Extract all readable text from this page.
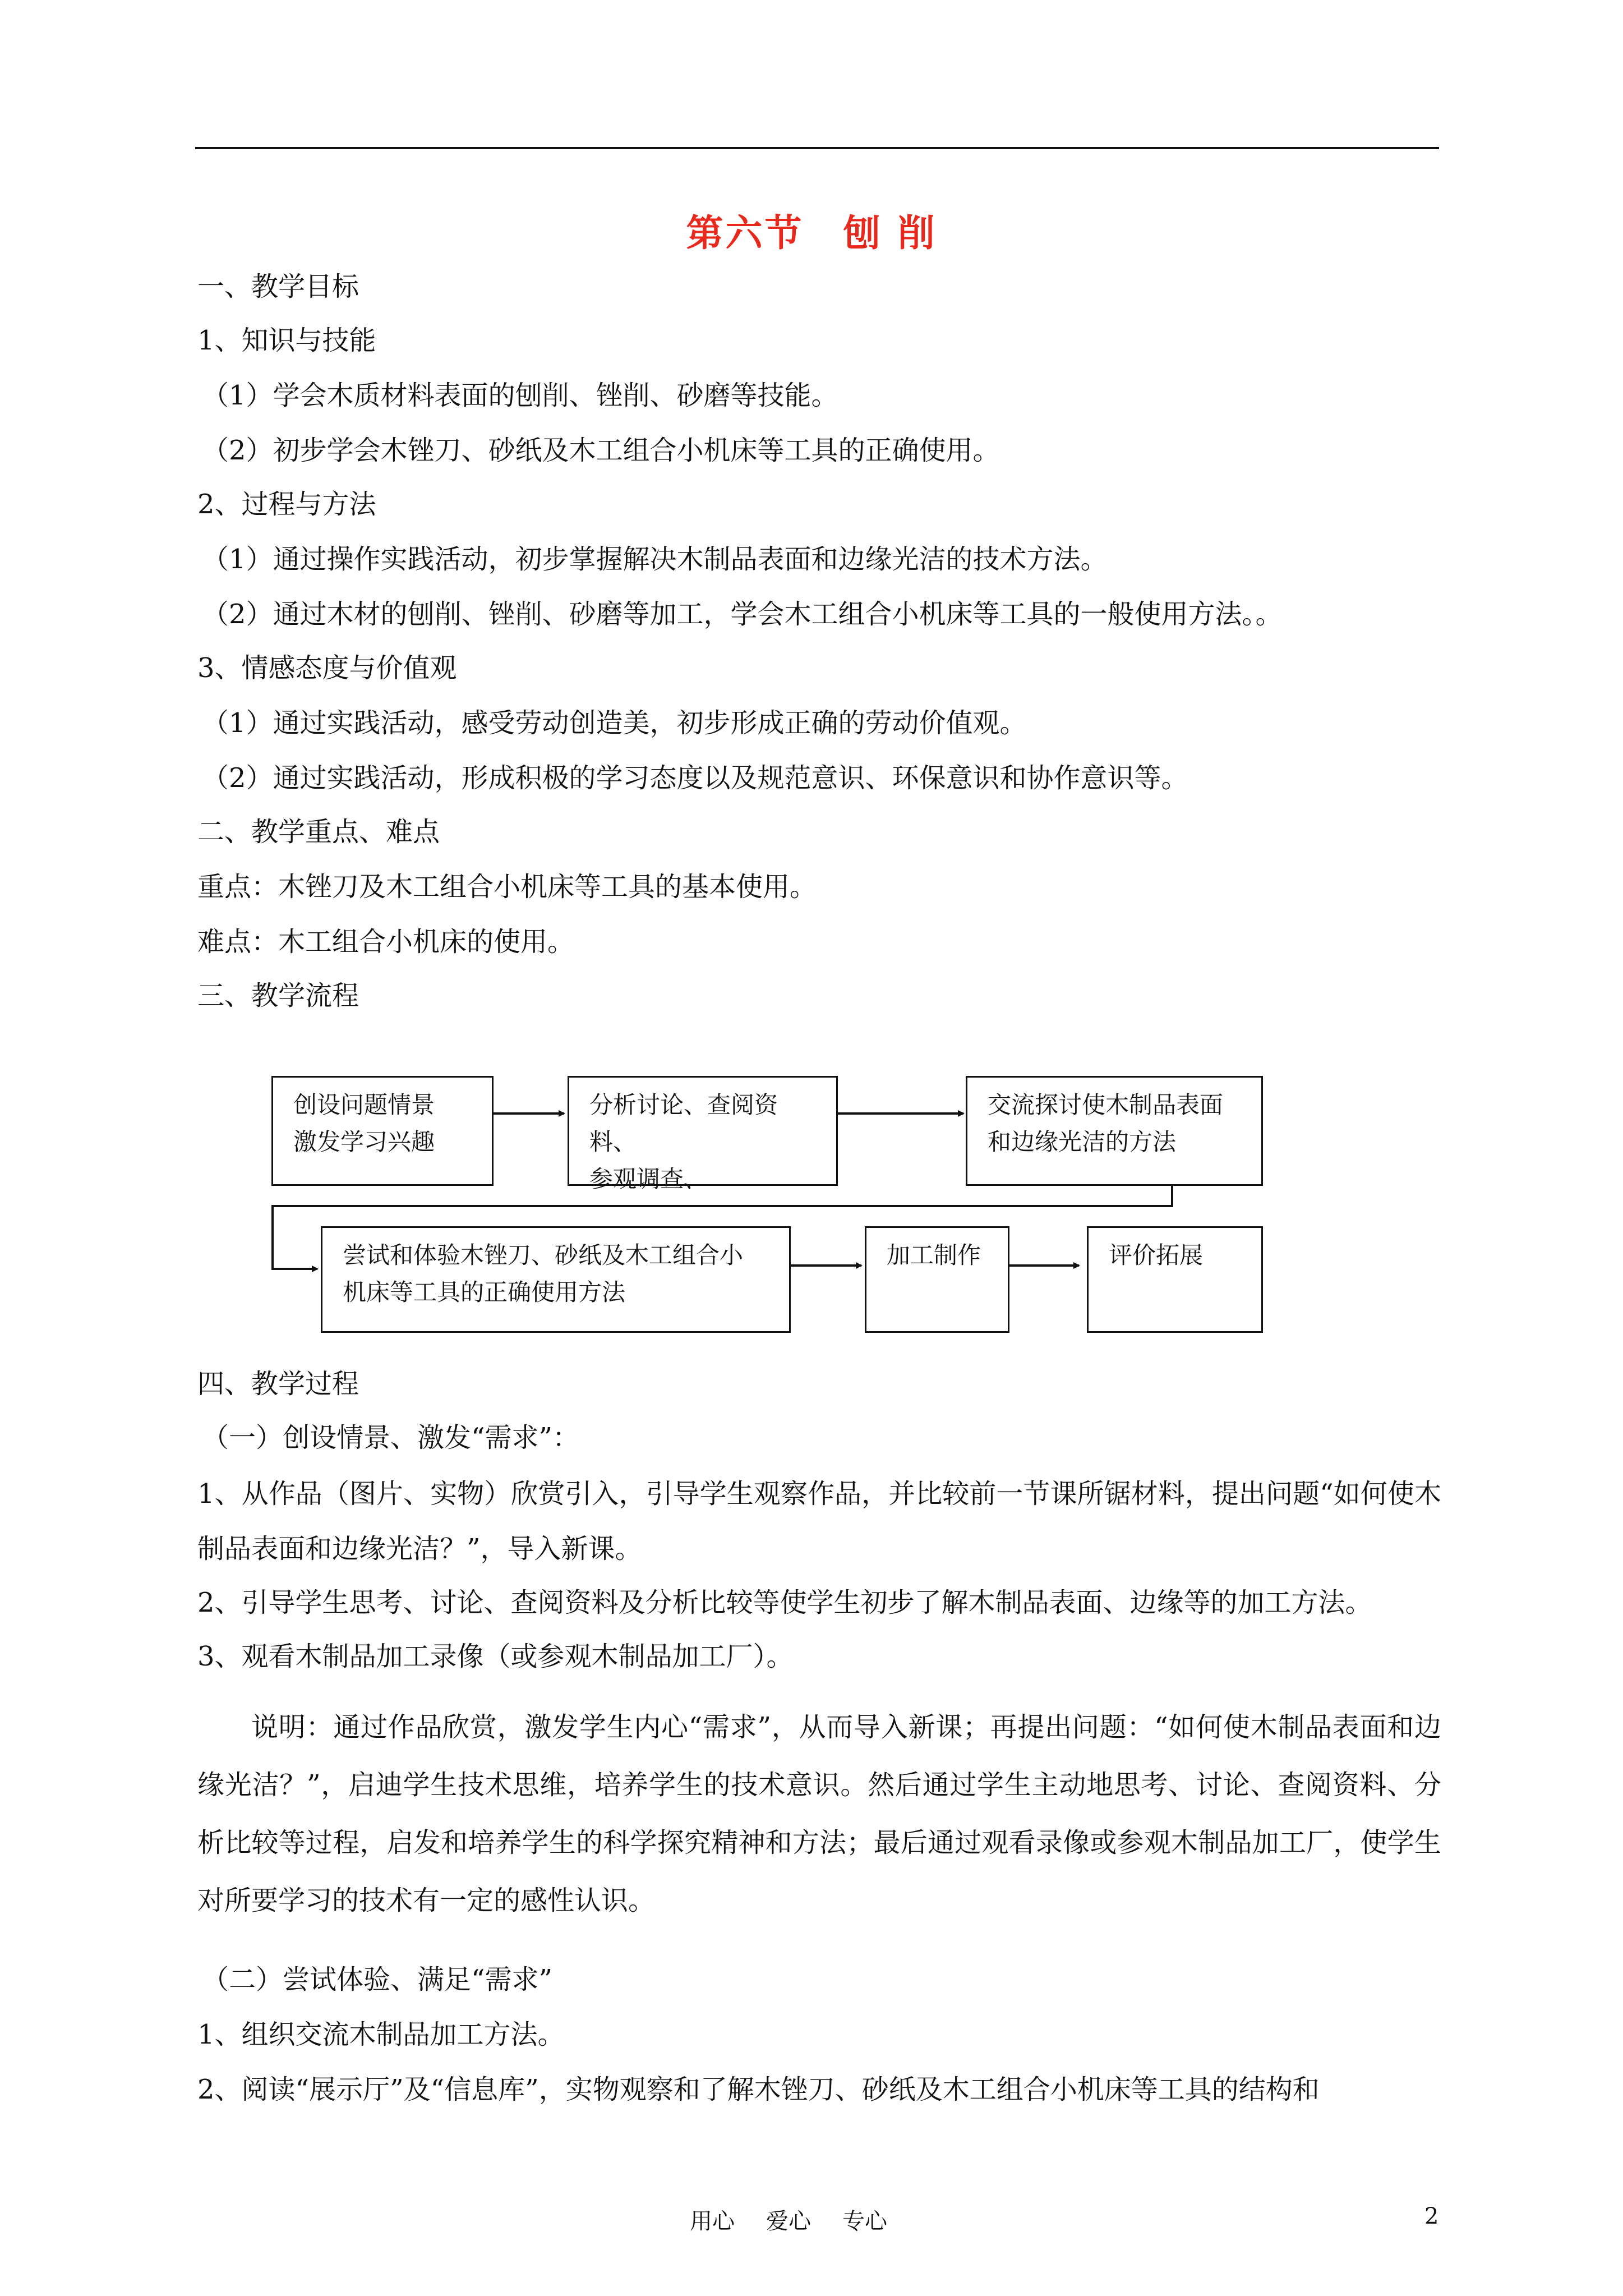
第六节 刨 削
一、教学目标
1、知识与技能
（1）学会木质材料表面的刨削、锉削、砂磨等技能。
（2）初步学会木锉刀、砂纸及木工组合小机床等工具的正确使用。
2、过程与方法
（1）通过操作实践活动，初步掌握解决木制品表面和边缘光洁的技术方法。
（2）通过木材的刨削、锉削、砂磨等加工，学会木工组合小机床等工具的一般使用方法。。
3、情感态度与价值观
（1）通过实践活动，感受劳动创造美，初步形成正确的劳动价值观。
（2）通过实践活动，形成积极的学习态度以及规范意识、环保意识和协作意识等。
二、教学重点、难点
重点：木锉刀及木工组合小机床等工具的基本使用。
难点：木工组合小机床的使用。
三、教学流程
创设问题情景
激发学习兴趣
分析讨论、查阅资料、
参观调查、
交流探讨使木制品表面
和边缘光洁的方法
尝试和体验木锉刀、砂纸及木工组合小
机床等工具的正确使用方法
加工制作	评价拓展
四、教学过程
（一）创设情景、激发“需求”：
1、从作品（图片、实物）欣赏引入，引导学生观察作品，并比较前一节课所锯材料，提出问题“如何使木制品表面和边缘光洁？”，导入新课。
2、引导学生思考、讨论、查阅资料及分析比较等使学生初步了解木制品表面、边缘等的加工方法。
3、观看木制品加工录像（或参观木制品加工厂）。
说明：通过作品欣赏，激发学生内心“需求”，从而导入新课；再提出问题：“如何使木制品表面和边缘光洁？”，启迪学生技术思维，培养学生的技术意识。然后通过学生主动地思考、讨论、查阅资料、分析比较等过程，启发和培养学生的科学探究精神和方法；最后通过观看录像或参观木制品加工厂，使学生对所要学习的技术有一定的感性认识。
（二）尝试体验、满足“需求”
1、组织交流木制品加工方法。
2、阅读“展示厅”及“信息库”，实物观察和了解木锉刀、砂纸及木工组合小机床等工具的结构和
用心 爱心 专心	2
